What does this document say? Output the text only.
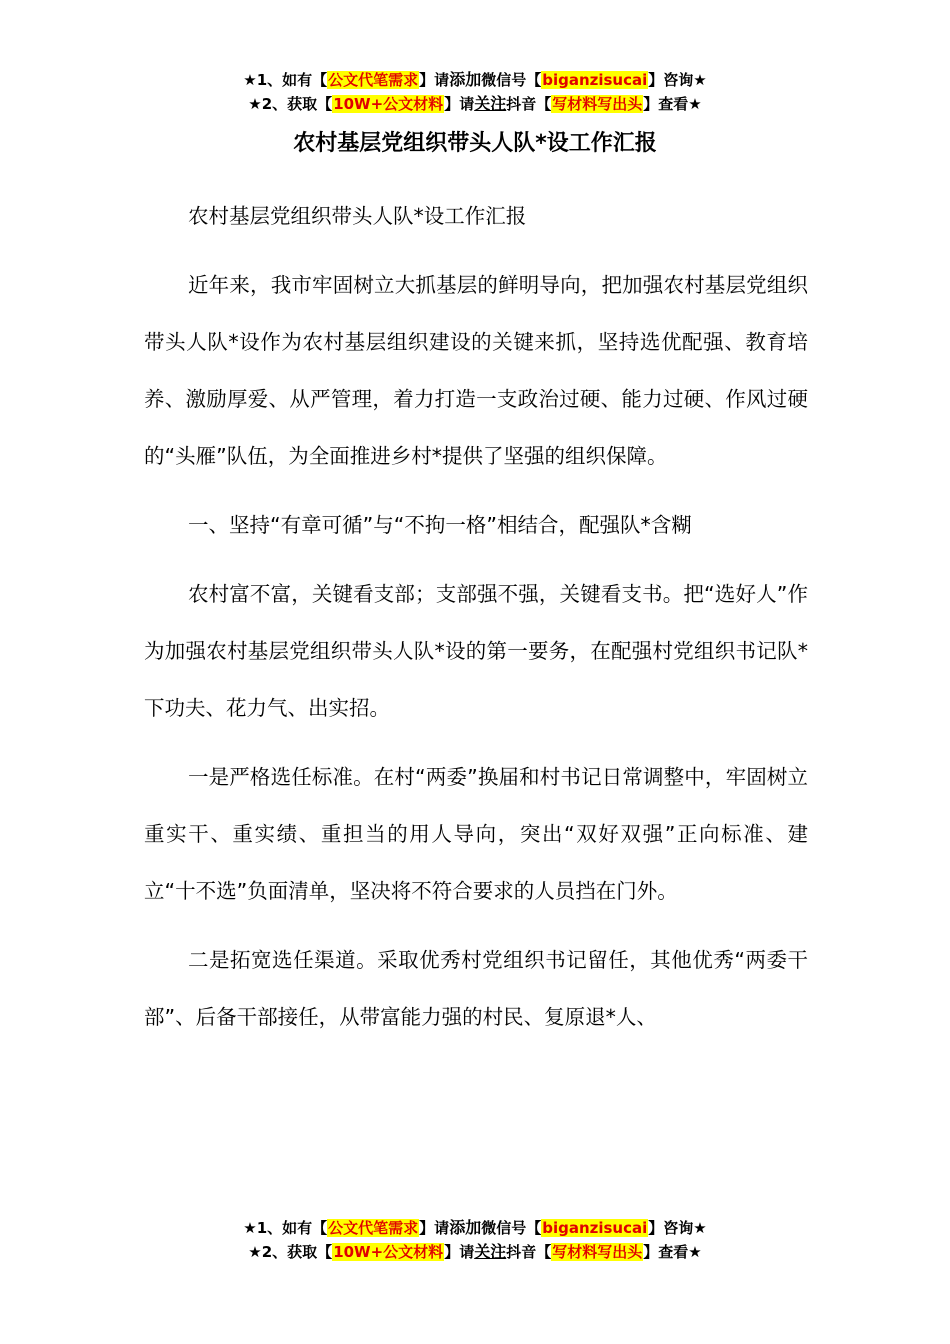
★1、如有【公文代笔需求】请添加微信号【biganzisucai】咨询★
★2、获取【10W+公文材料】请关注抖音【写材料写出头】查看★
农村基层党组织带头人队*设工作汇报

农村基层党组织带头人队*设工作汇报

近年来，我市牢固树立大抓基层的鲜明导向，把加强农村基层党组织带头人队*设作为农村基层组织建设的关键来抓，坚持选优配强、教育培养、激励厚爱、从严管理，着力打造一支政治过硬、能力过硬、作风过硬的“头雁”队伍，为全面推进乡村*提供了坚强的组织保障。

一、坚持“有章可循”与“不拘一格”相结合，配强队*含糊

农村富不富，关键看支部；支部强不强，关键看支书。把“选好人”作为加强农村基层党组织带头人队*设的第一要务，在配强村党组织书记队*下功夫、花力气、出实招。

一是严格选任标准。在村“两委”换届和村书记日常调整中，牢固树立重实干、重实绩、重担当的用人导向，突出“双好双强”正向标准、建立“十不选”负面清单，坚决将不符合要求的人员挡在门外。

二是拓宽选任渠道。采取优秀村党组织书记留任，其他优秀“两委干部”、后备干部接任，从带富能力强的村民、复原退*人、

★1、如有【公文代笔需求】请添加微信号【biganzisucai】咨询★
★2、获取【10W+公文材料】请关注抖音【写材料写出头】查看★
